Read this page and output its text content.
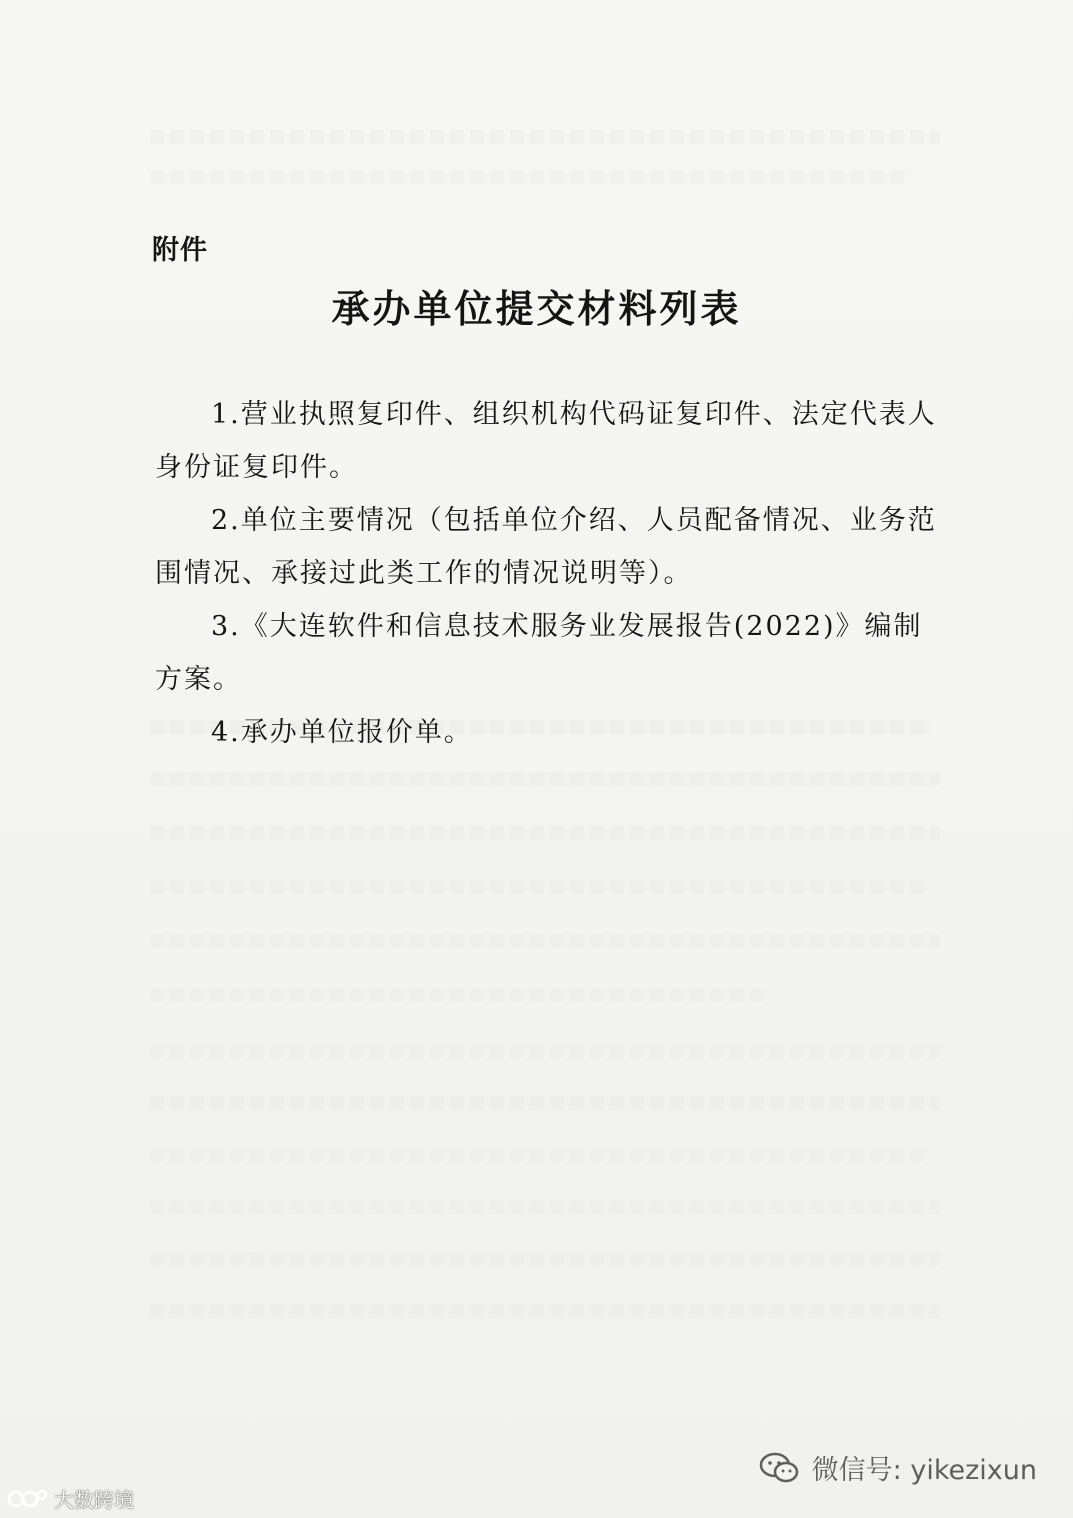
附件
承办单位提交材料列表

1.营业执照复印件、组织机构代码证复印件、法定代表人身份证复印件。

2.单位主要情况（包括单位介绍、人员配备情况、业务范围情况、承接过此类工作的情况说明等）。

3.《大连软件和信息技术服务业发展报告(2022)》编制方案。

4.承办单位报价单。

大数跨境
微信号: yikezixun
